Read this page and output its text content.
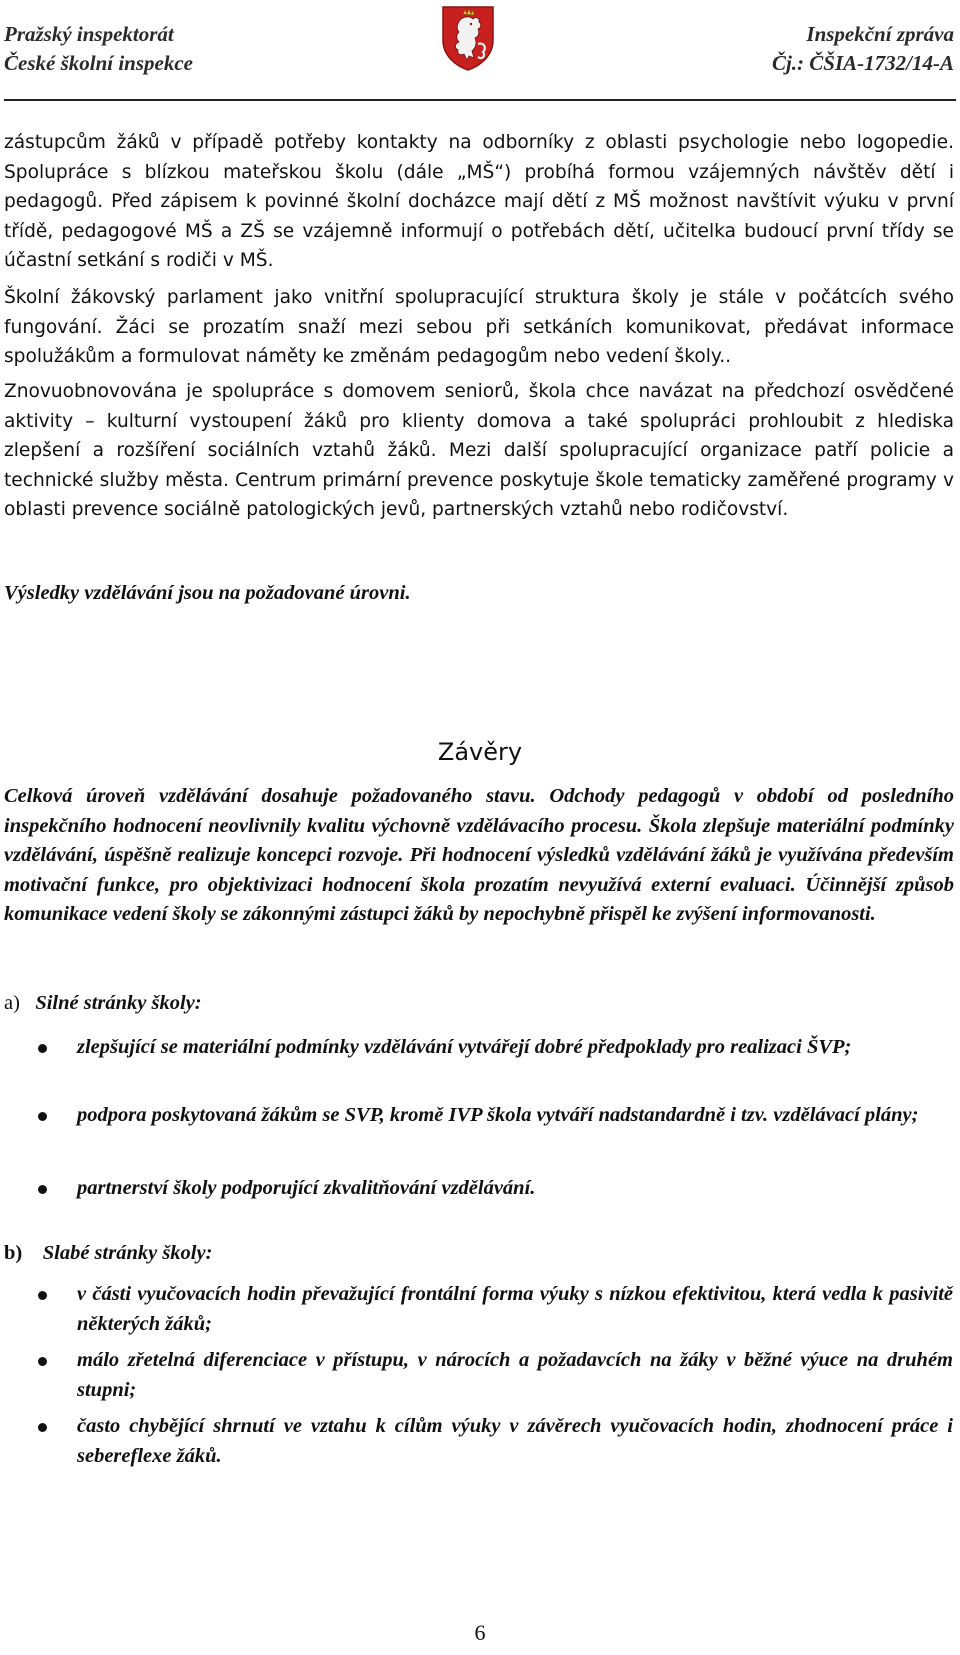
Pražský inspektorát
České školní inspekce
Inspekční zpráva
Čj.: ČŠIA-1732/14-A

zástupcům žáků v případě potřeby kontakty na odborníky z oblasti psychologie nebo logopedie. Spolupráce s blízkou mateřskou školu (dále „MŠ“) probíhá formou vzájemných návštěv dětí i pedagogů. Před zápisem k povinné školní docházce mají dětí z MŠ možnost navštívit výuku v první třídě, pedagogové MŠ a ZŠ se vzájemně informují o potřebách dětí, učitelka budoucí první třídy se účastní setkání s rodiči v MŠ.

Školní žákovský parlament jako vnitřní spolupracující struktura školy je stále v počátcích svého fungování. Žáci se prozatím snaží mezi sebou při setkáních komunikovat, předávat informace spolužákům a formulovat náměty ke změnám pedagogům nebo vedení školy..

Znovuobnovována je spolupráce s domovem seniorů, škola chce navázat na předchozí osvědčené aktivity – kulturní vystoupení žáků pro klienty domova a také spolupráci prohloubit z hlediska zlepšení a rozšíření sociálních vztahů žáků. Mezi další spolupracující organizace patří policie a technické služby města. Centrum primární prevence poskytuje škole tematicky zaměřené programy v oblasti prevence sociálně patologických jevů, partnerských vztahů nebo rodičovství.

Výsledky vzdělávání jsou na požadované úrovni.

Závěry

Celková úroveň vzdělávání dosahuje požadovaného stavu. Odchody pedagogů v období od posledního inspekčního hodnocení neovlivnily kvalitu výchovně vzdělávacího procesu. Škola zlepšuje materiální podmínky vzdělávání, úspěšně realizuje koncepci rozvoje. Při hodnocení výsledků vzdělávání žáků je využívána především motivační funkce, pro objektivizaci hodnocení škola prozatím nevyužívá externí evaluaci. Účinnější způsob komunikace vedení školy se zákonnými zástupci žáků by nepochybně přispěl ke zvýšení informovanosti.

a) Silné stránky školy:
zlepšující se materiální podmínky vzdělávání vytvářejí dobré předpoklady pro realizaci ŠVP;
podpora poskytovaná žákům se SVP, kromě IVP škola vytváří nadstandardně i tzv. vzdělávací plány;
partnerství školy podporující zkvalitňování vzdělávání.
b) Slabé stránky školy:
v části vyučovacích hodin převažující frontální forma výuky s nízkou efektivitou, která vedla k pasivitě některých žáků;
málo zřetelná diferenciace v přístupu, v nárocích a požadavcích na žáky v běžné výuce na druhém stupni;
často chybějící shrnutí ve vztahu k cílům výuky v závěrech vyučovacích hodin, zhodnocení práce i sebereflexe žáků.
6
